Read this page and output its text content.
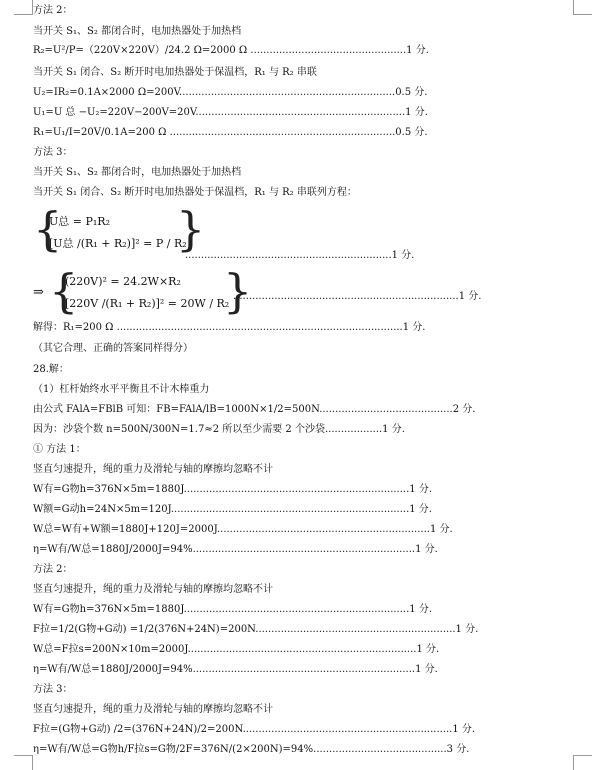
方法 2：
当开关 S₁、S₂ 都闭合时，电加热器处于加热档
R₂=U²/P=（220V×220V）/24.2 Ω=2000 Ω .................................................1 分.
当开关 S₁ 闭合、S₂ 断开时电加热器处于保温档，R₁ 与 R₂ 串联
U₂=IR₂=0.1A×2000 Ω=200V....................................................................0.5 分.
U₁=U 总 −U₂=220V−200V=20V..................................................................1 分.
R₁=U₁/I=20V/0.1A=200 Ω .......................................................................0.5 分.
方法 3：
当开关 S₁、S₂ 都闭合时，电加热器处于加热档
当开关 S₁ 闭合、S₂ 断开时电加热器处于保温档，R₁ 与 R₂ 串联列方程：
{
U总 = P₁R₂
[U总 /(R₁ + R₂)]² = P / R₂
}
.................................................................1 分.
⇒ {
(220V)² = 24.2W×R₂
[220V /(R₁ + R₂)]² = 20W / R₂
}
.......................................................................1 分.
解得：R₁=200 Ω ..........................................................................................1 分.
（其它合理、正确的答案同样得分）
28.解：
（1）杠杆始终水平平衡且不计木棒重力
由公式 FAlA=FBlB 可知：FB=FAlA/lB=1000N×1/2=500N..........................................2 分.
因为：沙袋个数 n=500N/300N=1.7≈2 所以至少需要 2 个沙袋..................1 分.
① 方法 1：
竖直匀速提升，绳的重力及滑轮与轴的摩擦均忽略不计
W有=G物h=376N×5m=1880J.......................................................................1 分.
W额=G动h=24N×5m=120J...........................................................................1 分.
W总=W有+W额=1880J+120J=2000J...................................................................1 分.
η=W有/W总=1880J/2000J=94%......................................................................1 分.
方法 2：
竖直匀速提升，绳的重力及滑轮与轴的摩擦均忽略不计
W有=G物h=376N×5m=1880J.......................................................................1 分.
F拉=1/2(G物+G动) =1/2(376N+24N)=200N...............................................................1 分.
W总=F拉s=200N×10m=2000J........................................................................1 分.
η=W有/W总=1880J/2000J=94%......................................................................1 分.
方法 3：
竖直匀速提升，绳的重力及滑轮与轴的摩擦均忽略不计
F拉=(G物+G动) /2=(376N+24N)/2=200N..................................................................1 分.
η=W有/W总=G物h/F拉s=G物/2F=376N/(2×200N)=94%..........................................3 分.
